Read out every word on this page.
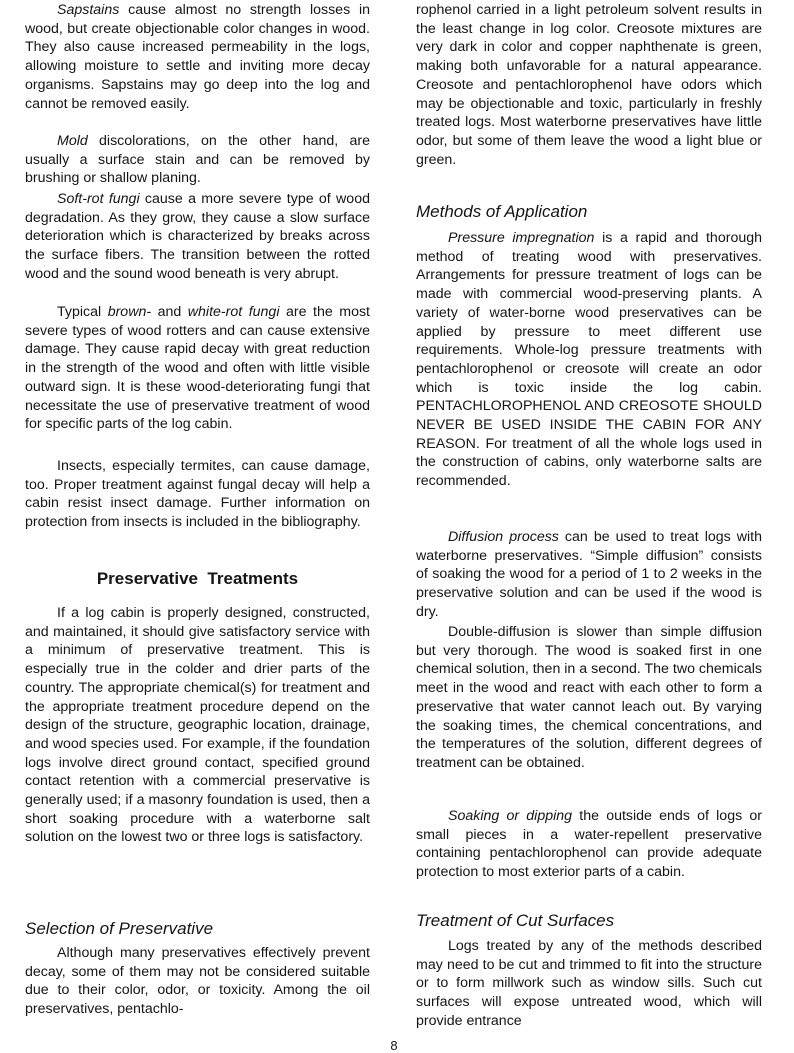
Sapstains cause almost no strength losses in wood, but create objectionable color changes in wood. They also cause increased permeability in the logs, allowing moisture to settle and inviting more decay organisms. Sapstains may go deep into the log and cannot be removed easily.

Mold discolorations, on the other hand, are usually a surface stain and can be removed by brushing or shallow planing.

Soft-rot fungi cause a more severe type of wood degradation. As they grow, they cause a slow surface deterioration which is characterized by breaks across the surface fibers. The transition between the rotted wood and the sound wood beneath is very abrupt.

Typical brown- and white-rot fungi are the most severe types of wood rotters and can cause extensive damage. They cause rapid decay with great reduction in the strength of the wood and often with little visible outward sign. It is these wood-deteriorating fungi that necessitate the use of preservative treatment of wood for specific parts of the log cabin.

Insects, especially termites, can cause damage, too. Proper treatment against fungal decay will help a cabin resist insect damage. Further information on protection from insects is included in the bibliography.

Preservative  Treatments

If a log cabin is properly designed, constructed, and maintained, it should give satisfactory service with a minimum of preservative treatment. This is especially true in the colder and drier parts of the country. The appropriate chemical(s) for treatment and the appropriate treatment procedure depend on the design of the structure, geographic location, drainage, and wood species used. For example, if the foundation logs involve direct ground contact, specified ground contact retention with a commercial preservative is generally used; if a masonry foundation is used, then a short soaking procedure with a waterborne salt solution on the lowest two or three logs is satisfactory.

Selection of Preservative

Although many preservatives effectively prevent decay, some of them may not be considered suitable due to their color, odor, or toxicity. Among the oil preservatives, pentachlo-

rophenol carried in a light petroleum solvent results in the least change in log color. Creosote mixtures are very dark in color and copper naphthenate is green, making both unfavorable for a natural appearance. Creosote and pentachlorophenol have odors which may be objectionable and toxic, particularly in freshly treated logs. Most waterborne preservatives have little odor, but some of them leave the wood a light blue or green.

Methods of Application

Pressure impregnation is a rapid and thorough method of treating wood with preservatives. Arrangements for pressure treatment of logs can be made with commercial wood-preserving plants. A variety of water-borne wood preservatives can be applied by pressure to meet different use requirements. Whole-log pressure treatments with pentachlorophenol or creosote will create an odor which is toxic inside the log cabin. PENTACHLOROPHENOL AND CREOSOTE SHOULD NEVER BE USED INSIDE THE CABIN FOR ANY REASON. For treatment of all the whole logs used in the construction of cabins, only waterborne salts are recommended.

Diffusion process can be used to treat logs with waterborne preservatives. “Simple diffusion” consists of soaking the wood for a period of 1 to 2 weeks in the preservative solution and can be used if the wood is dry.

Double-diffusion is slower than simple diffusion but very thorough. The wood is soaked first in one chemical solution, then in a second. The two chemicals meet in the wood and react with each other to form a preservative that water cannot leach out. By varying the soaking times, the chemical concentrations, and the temperatures of the solution, different degrees of treatment can be obtained.

Soaking or dipping the outside ends of logs or small pieces in a water-repellent preservative containing pentachlorophenol can provide adequate protection to most exterior parts of a cabin.

Treatment of Cut Surfaces

Logs treated by any of the methods described may need to be cut and trimmed to fit into the structure or to form millwork such as window sills. Such cut surfaces will expose untreated wood, which will provide entrance

8
